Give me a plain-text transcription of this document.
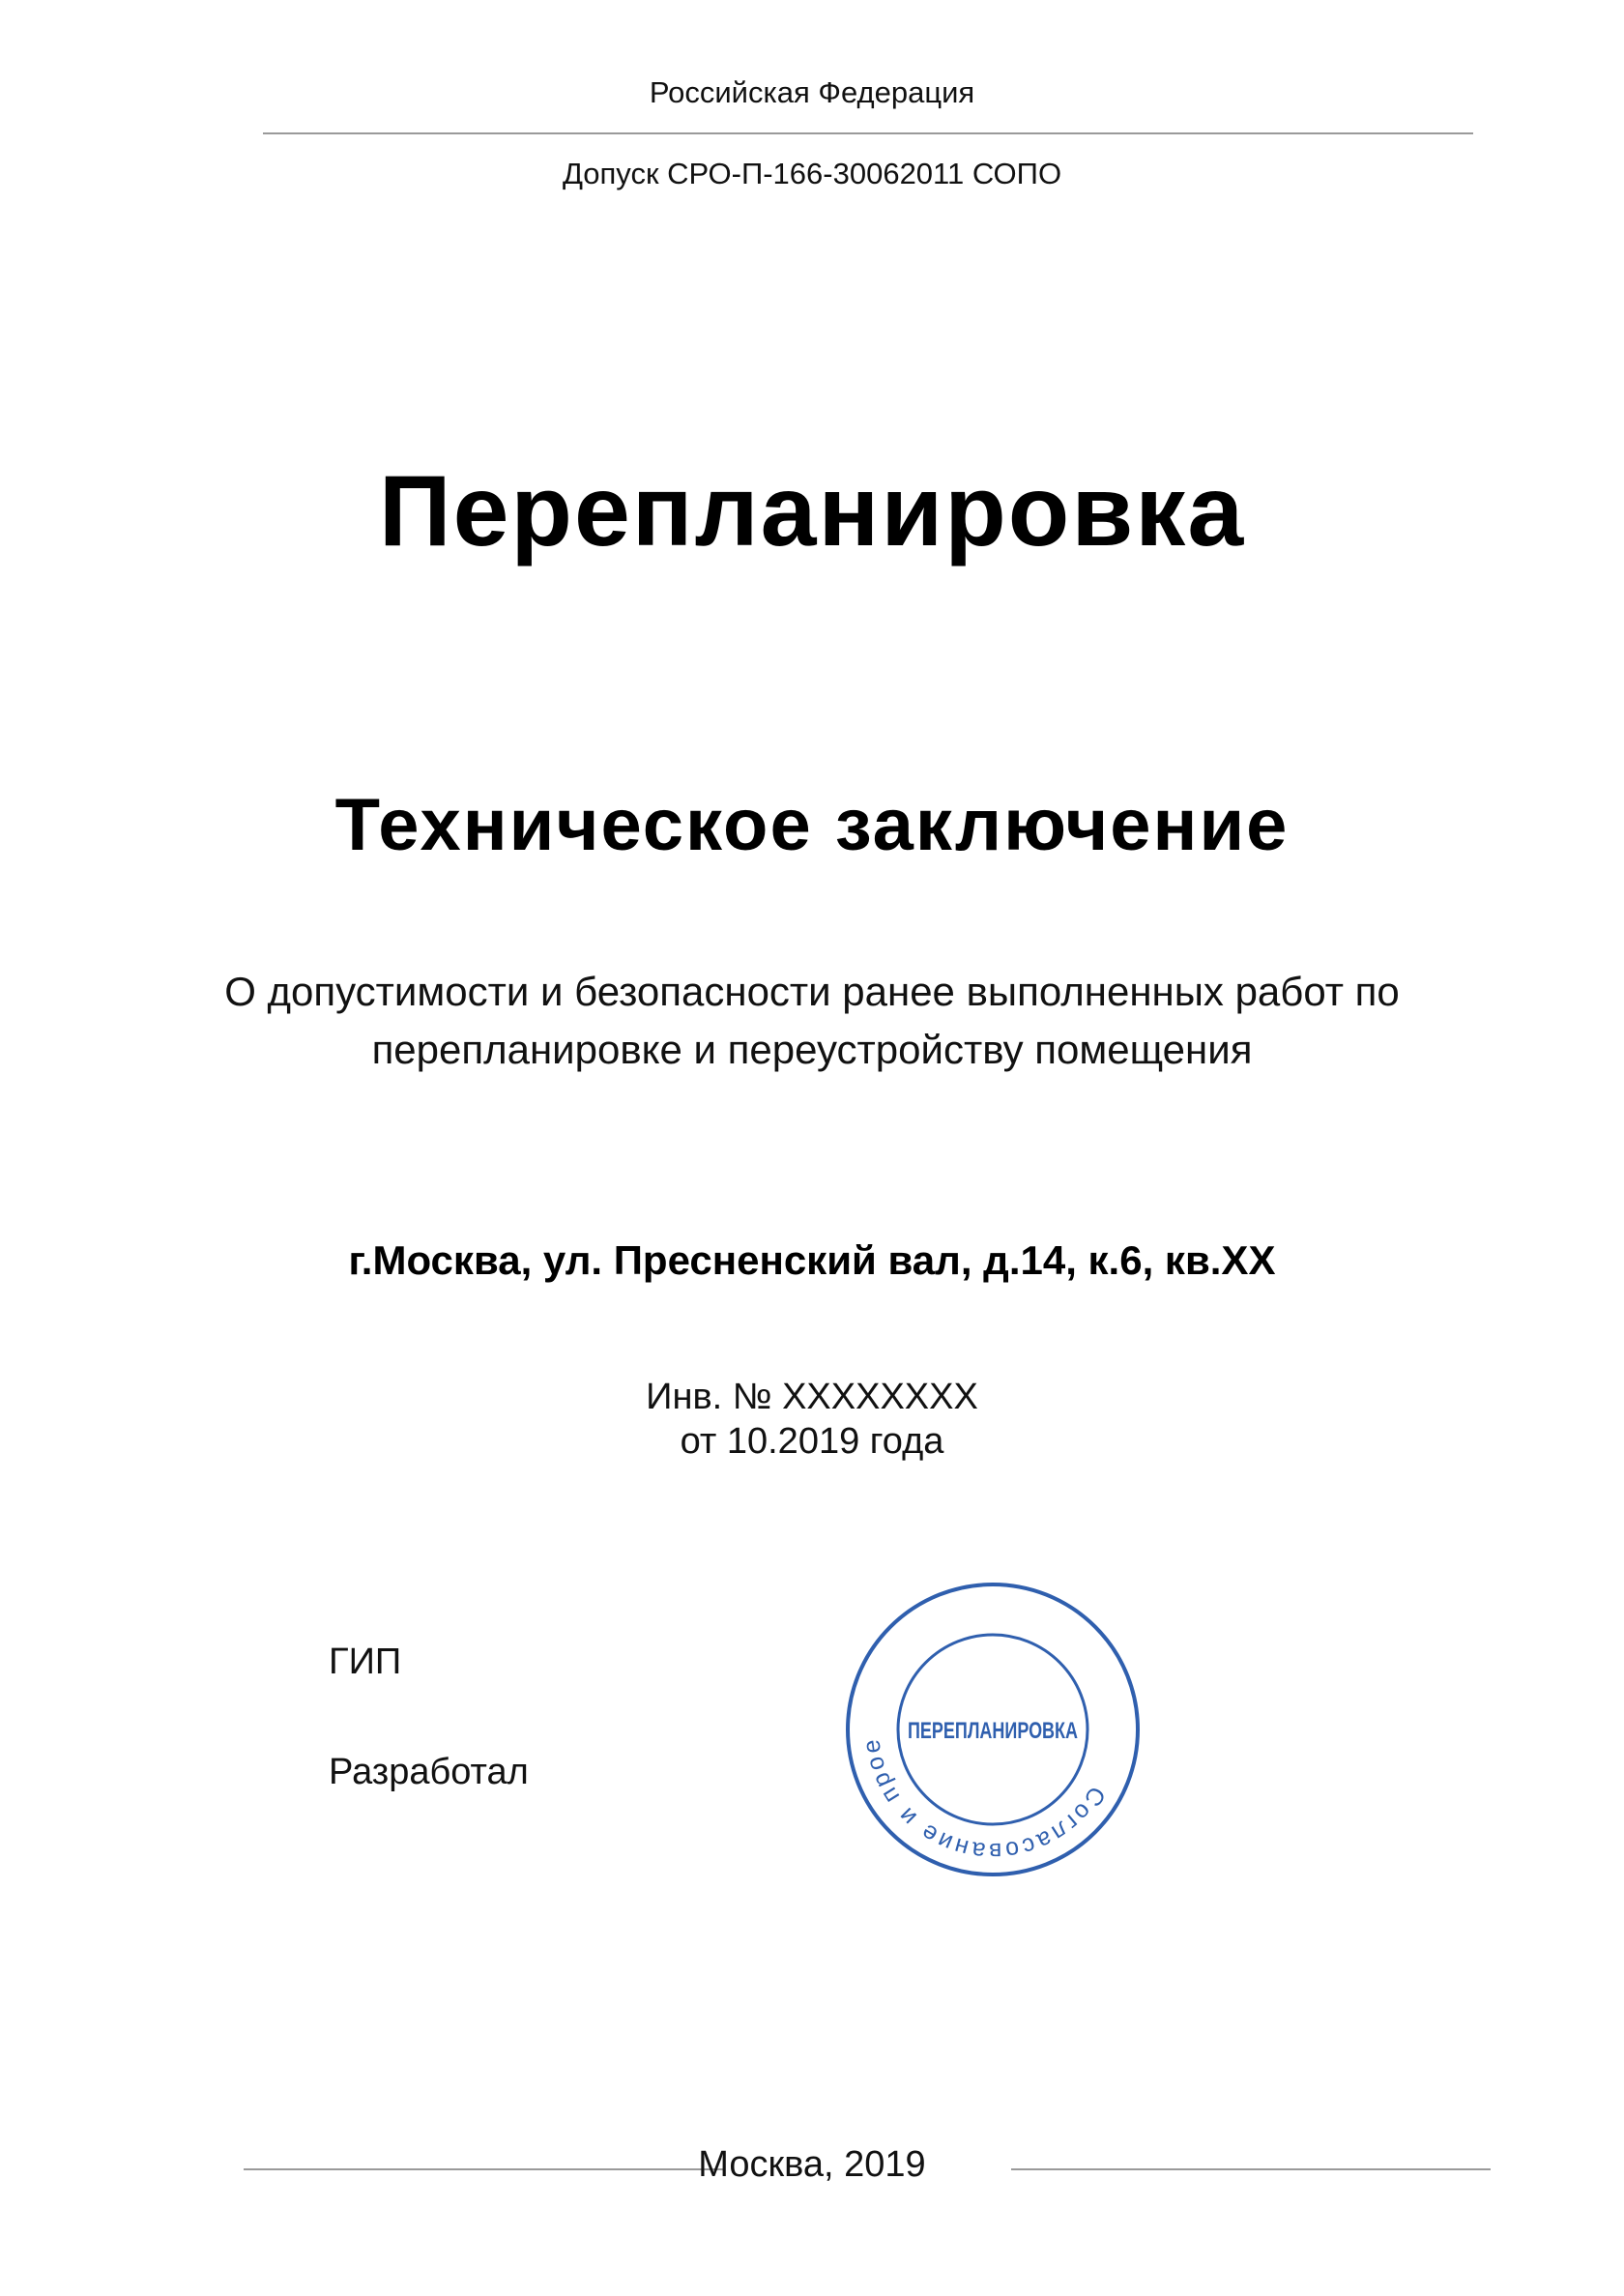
Российская Федерация
Допуск СРО-П-166-30062011 СОПО
Перепланировка
Техническое заключение
О допустимости и безопасности ранее выполненных работ по
перепланировке и переустройству помещения
г.Москва, ул. Пресненский вал, д.14, к.6, кв.XX
Инв. № XXXXXXXX
от 10.2019 года
ГИП
Разработал
Согласование и прое
ПЕРЕПЛАНИРОВКА
Москва, 2019
